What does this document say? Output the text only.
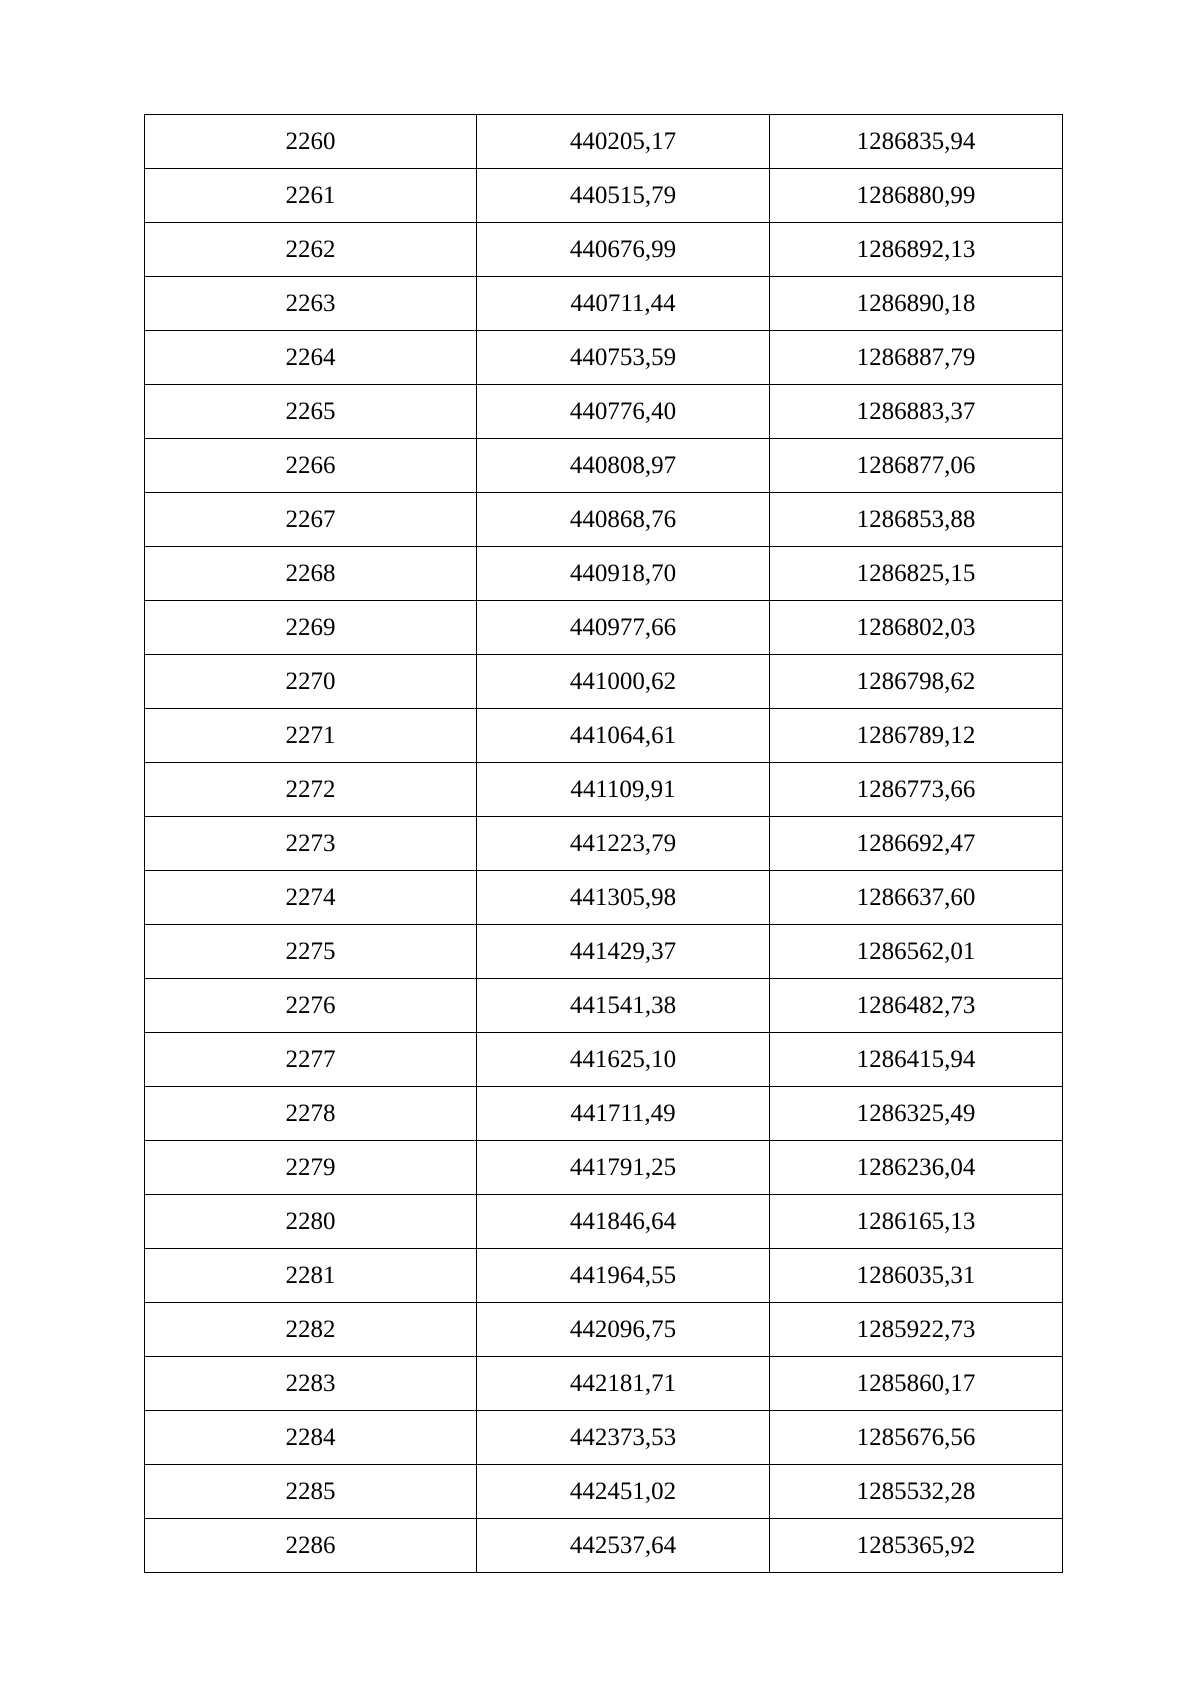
2260	440205,17	1286835,94
2261	440515,79	1286880,99
2262	440676,99	1286892,13
2263	440711,44	1286890,18
2264	440753,59	1286887,79
2265	440776,40	1286883,37
2266	440808,97	1286877,06
2267	440868,76	1286853,88
2268	440918,70	1286825,15
2269	440977,66	1286802,03
2270	441000,62	1286798,62
2271	441064,61	1286789,12
2272	441109,91	1286773,66
2273	441223,79	1286692,47
2274	441305,98	1286637,60
2275	441429,37	1286562,01
2276	441541,38	1286482,73
2277	441625,10	1286415,94
2278	441711,49	1286325,49
2279	441791,25	1286236,04
2280	441846,64	1286165,13
2281	441964,55	1286035,31
2282	442096,75	1285922,73
2283	442181,71	1285860,17
2284	442373,53	1285676,56
2285	442451,02	1285532,28
2286	442537,64	1285365,92
